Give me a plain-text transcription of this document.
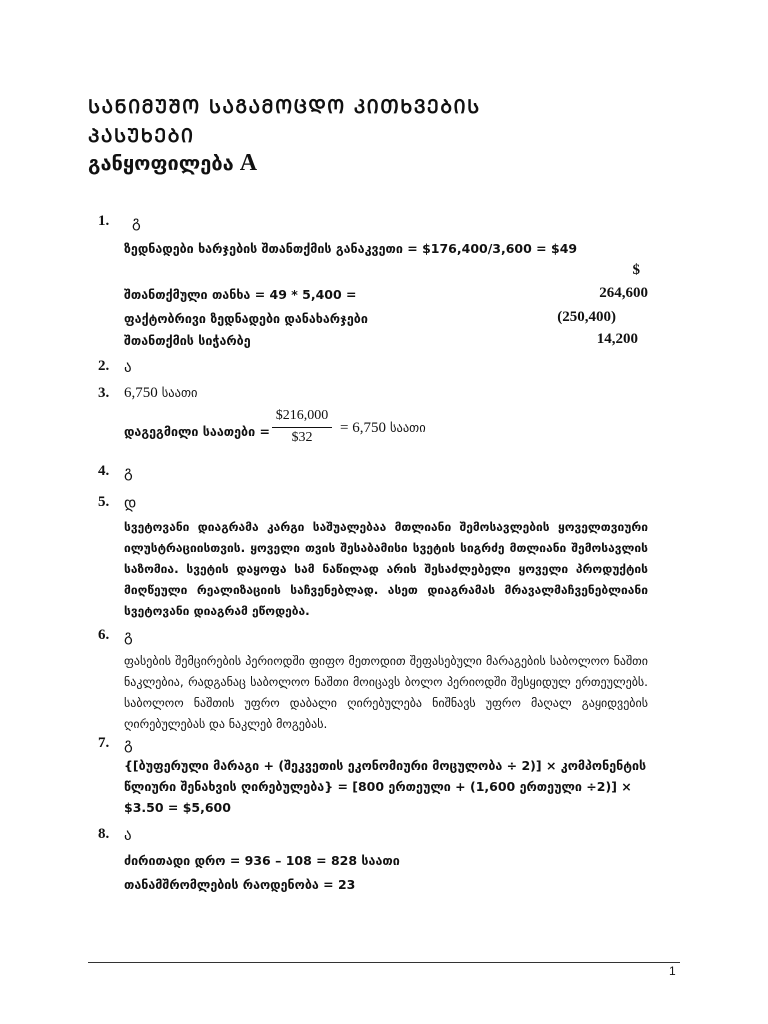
ᲡᲐᲜᲘᲛᲣᲨᲝ ᲡᲐᲒᲐᲛᲝᲪᲓᲝ ᲙᲘᲗᲮᲕᲔᲑᲘᲡ
ᲞᲐᲡᲣᲮᲔᲑᲘ
განყოფილება A
1. გ
ზედნადები ხარჯების შთანთქმის განაკვეთი = $176,400/3,600 = $49
$
შთანთქმული თანხა = 49 * 5,400 =	264,600
ფაქტობრივი ზედნადები დანახარჯები	(250,400)
შთანთქმის სიჭარბე	14,200
2. ა
3. 6,750 საათი
დაგეგმილი საათები =
$216,000
$32
= 6,750 საათი
4. გ
5. დ
სვეტოვანი დიაგრამა კარგი საშუალებაა მთლიანი შემოსავლების ყოველთვიური ილუსტრაციისთვის. ყოველი თვის შესაბამისი სვეტის სიგრძე მთლიანი შემოსავლის საზომია. სვეტის დაყოფა სამ ნაწილად არის შესაძლებელი ყოველი პროდუქტის მიღწეული რეალიზაციის საჩვენებლად. ასეთ დიაგრამას მრავალმაჩვენებლიანი სვეტოვანი დიაგრამ ეწოდება.
6. გ
ფასების შემცირების პერიოდში ფიფო მეთოდით შეფასებული მარაგების საბოლოო ნაშთი ნაკლებია, რადგანაც საბოლოო ნაშთი მოიცავს ბოლო პერიოდში შესყიდულ ერთეულებს. საბოლოო ნაშთის უფრო დაბალი ღირებულება ნიშნავს უფრო მაღალ გაყიდვების ღირებულებას და ნაკლებ მოგებას.
7. გ
{[ბუფერული მარაგი + (შეკვეთის ეკონომიური მოცულობა ÷ 2)] × კომპონენტის
წლიური შენახვის ღირებულება} = [800 ერთეული + (1,600 ერთეული ÷2)] ×
$3.50 = $5,600
8. ა
ძირითადი დრო = 936 – 108 = 828 საათი
თანამშრომლების რაოდენობა = 23
1
